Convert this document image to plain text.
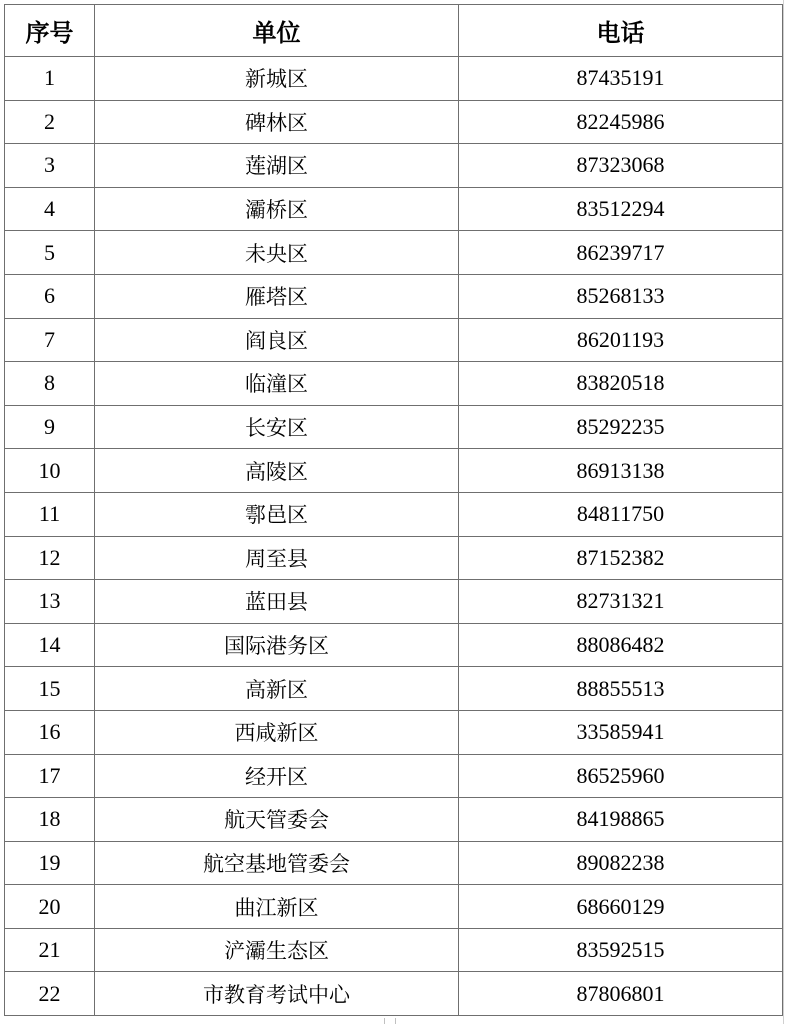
序号	单位	电话
1	新城区	87435191
2	碑林区	82245986
3	莲湖区	87323068
4	灞桥区	83512294
5	未央区	86239717
6	雁塔区	85268133
7	阎良区	86201193
8	临潼区	83820518
9	长安区	85292235
10	高陵区	86913138
11	鄠邑区	84811750
12	周至县	87152382
13	蓝田县	82731321
14	国际港务区	88086482
15	高新区	88855513
16	西咸新区	33585941
17	经开区	86525960
18	航天管委会	84198865
19	航空基地管委会	89082238
20	曲江新区	68660129
21	浐灞生态区	83592515
22	市教育考试中心	87806801
